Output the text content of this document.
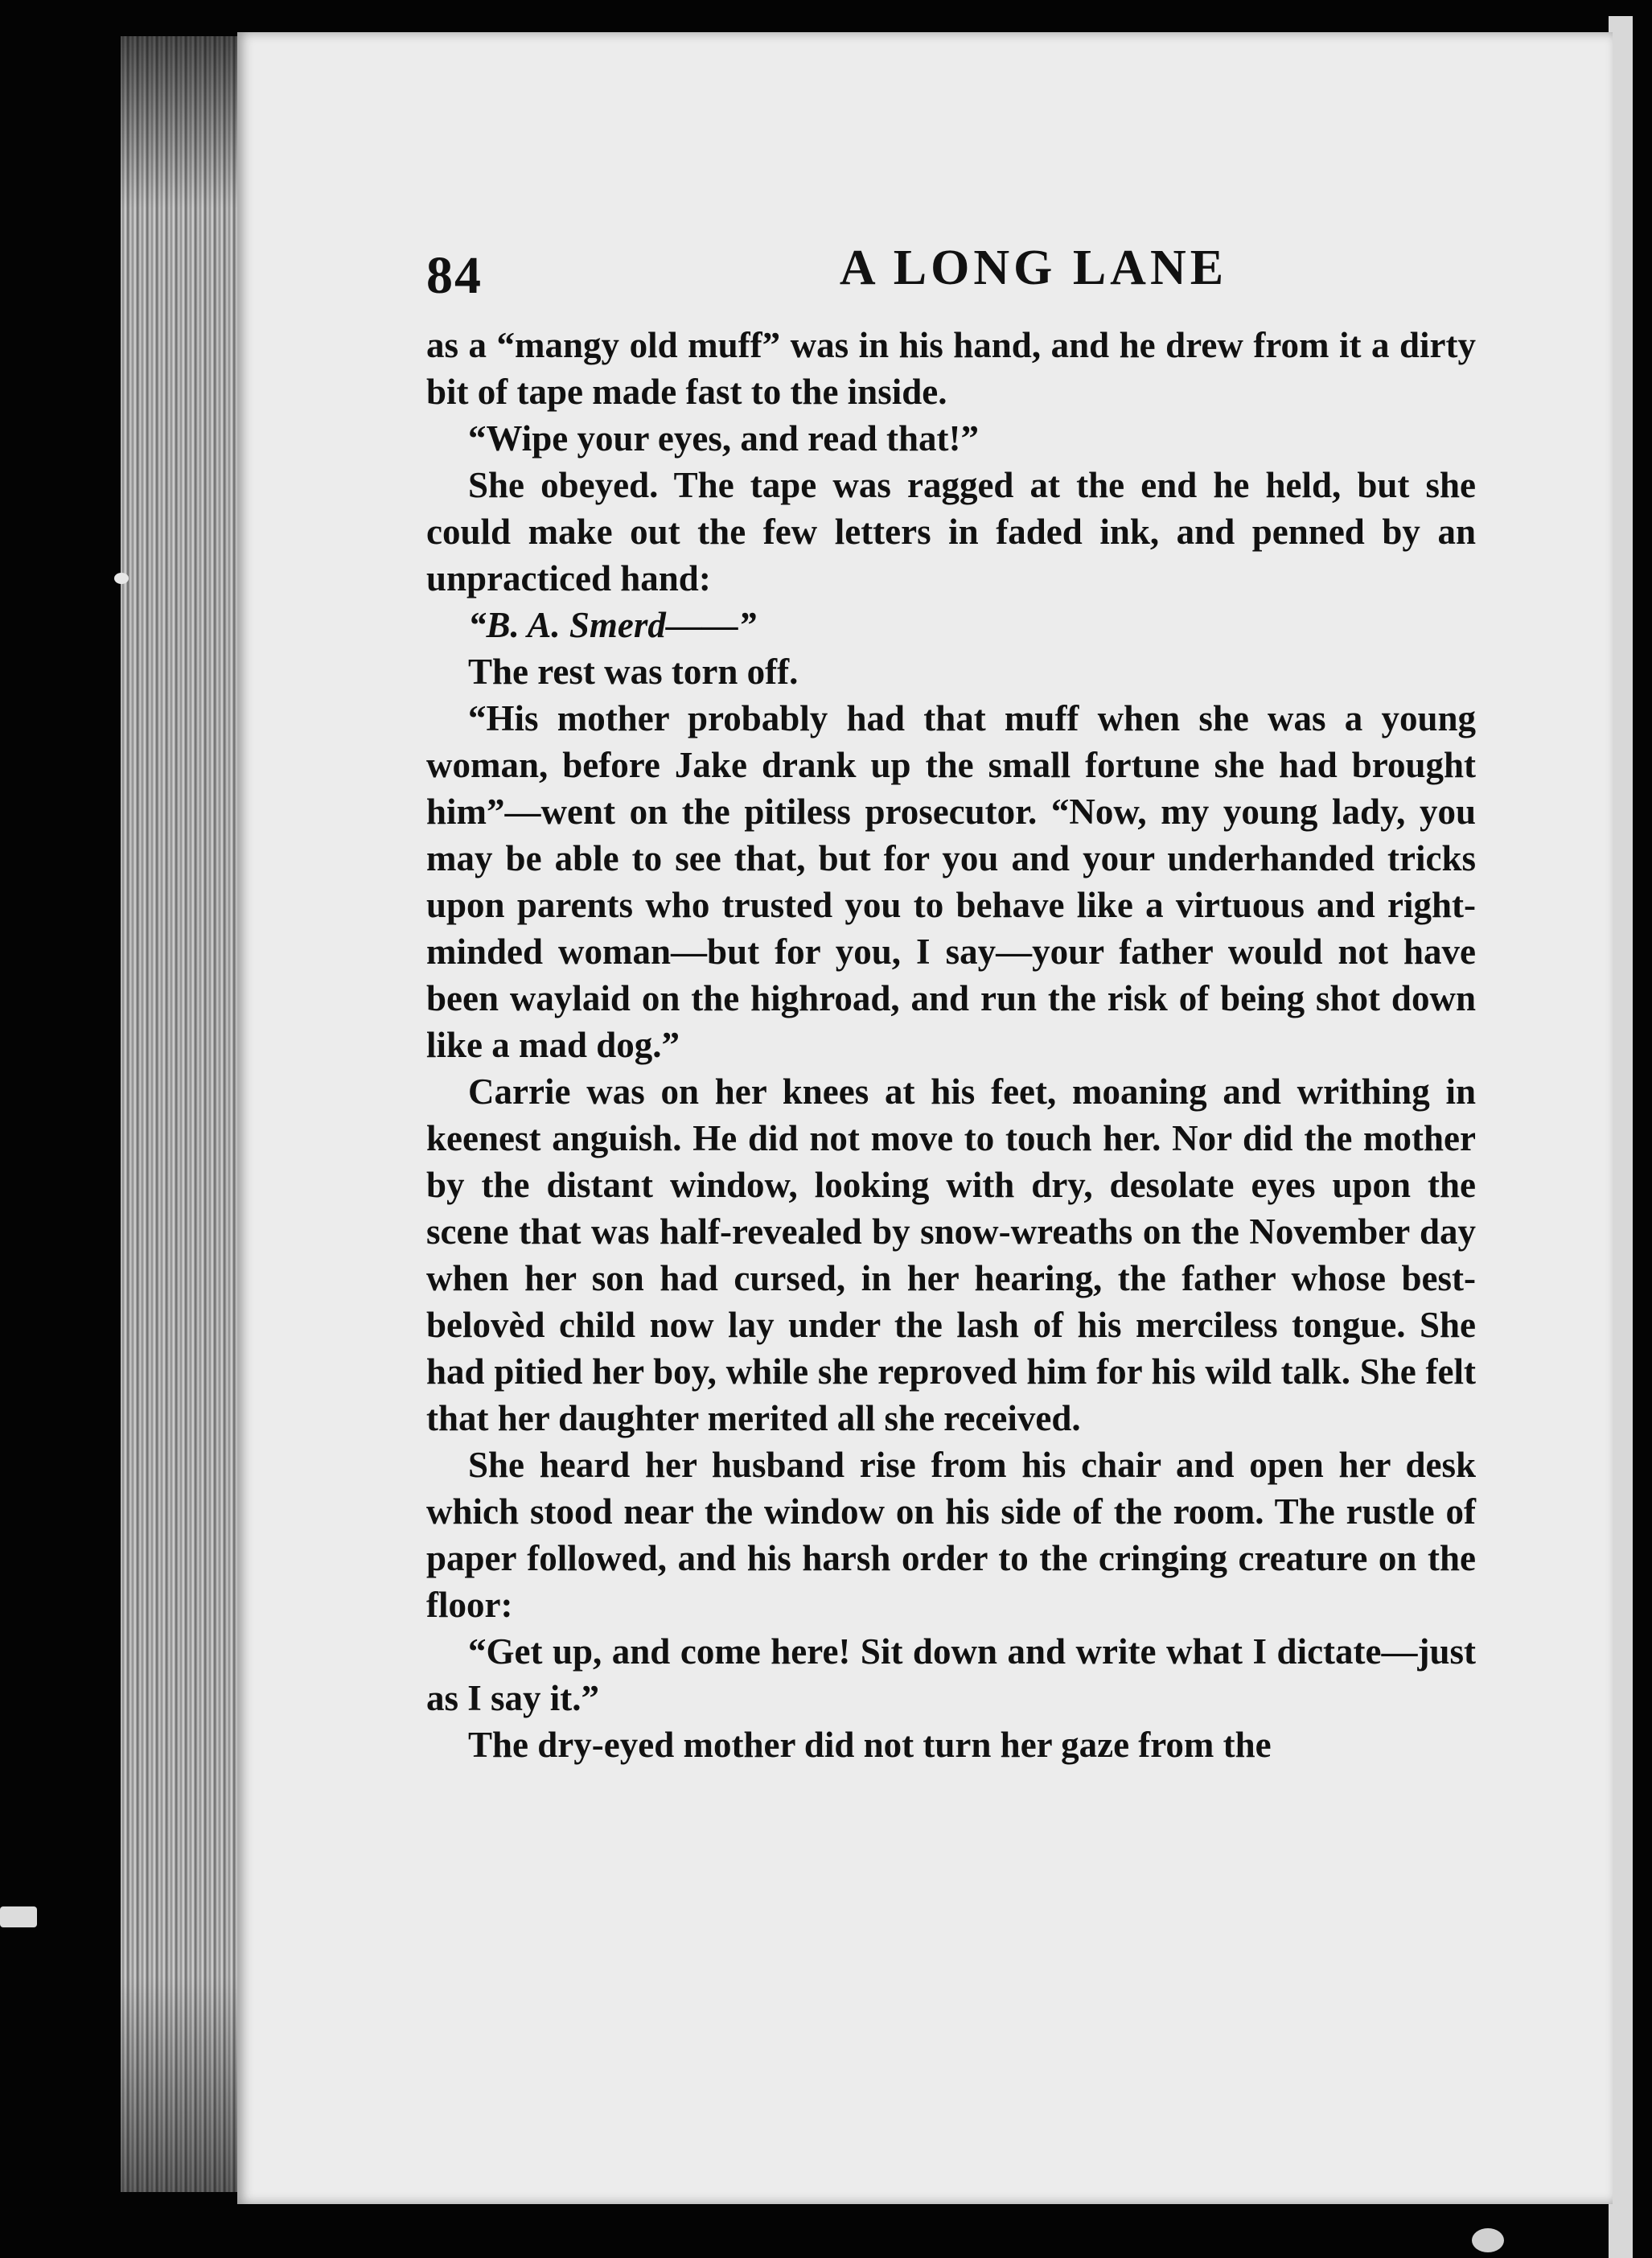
84	A LONG LANE

as a “mangy old muff” was in his hand, and he drew from it a dirty bit of tape made fast to the inside.

“Wipe your eyes, and read that!”

She obeyed. The tape was ragged at the end he held, but she could make out the few letters in faded ink, and penned by an unpracticed hand:

“B. A. Smerd——”

The rest was torn off.

“His mother probably had that muff when she was a young woman, before Jake drank up the small fortune she had brought him”—went on the pitiless prosecutor. “Now, my young lady, you may be able to see that, but for you and your underhanded tricks upon parents who trusted you to behave like a virtuous and right-minded woman—but for you, I say—your father would not have been waylaid on the highroad, and run the risk of being shot down like a mad dog.”

Carrie was on her knees at his feet, moaning and writhing in keenest anguish. He did not move to touch her. Nor did the mother by the distant window, looking with dry, desolate eyes upon the scene that was half-revealed by snow-wreaths on the November day when her son had cursed, in her hearing, the father whose best-belovèd child now lay under the lash of his merciless tongue. She had pitied her boy, while she reproved him for his wild talk. She felt that her daughter merited all she received.

She heard her husband rise from his chair and open her desk which stood near the window on his side of the room. The rustle of paper followed, and his harsh order to the cringing creature on the floor:

“Get up, and come here! Sit down and write what I dictate—just as I say it.”

The dry-eyed mother did not turn her gaze from the
